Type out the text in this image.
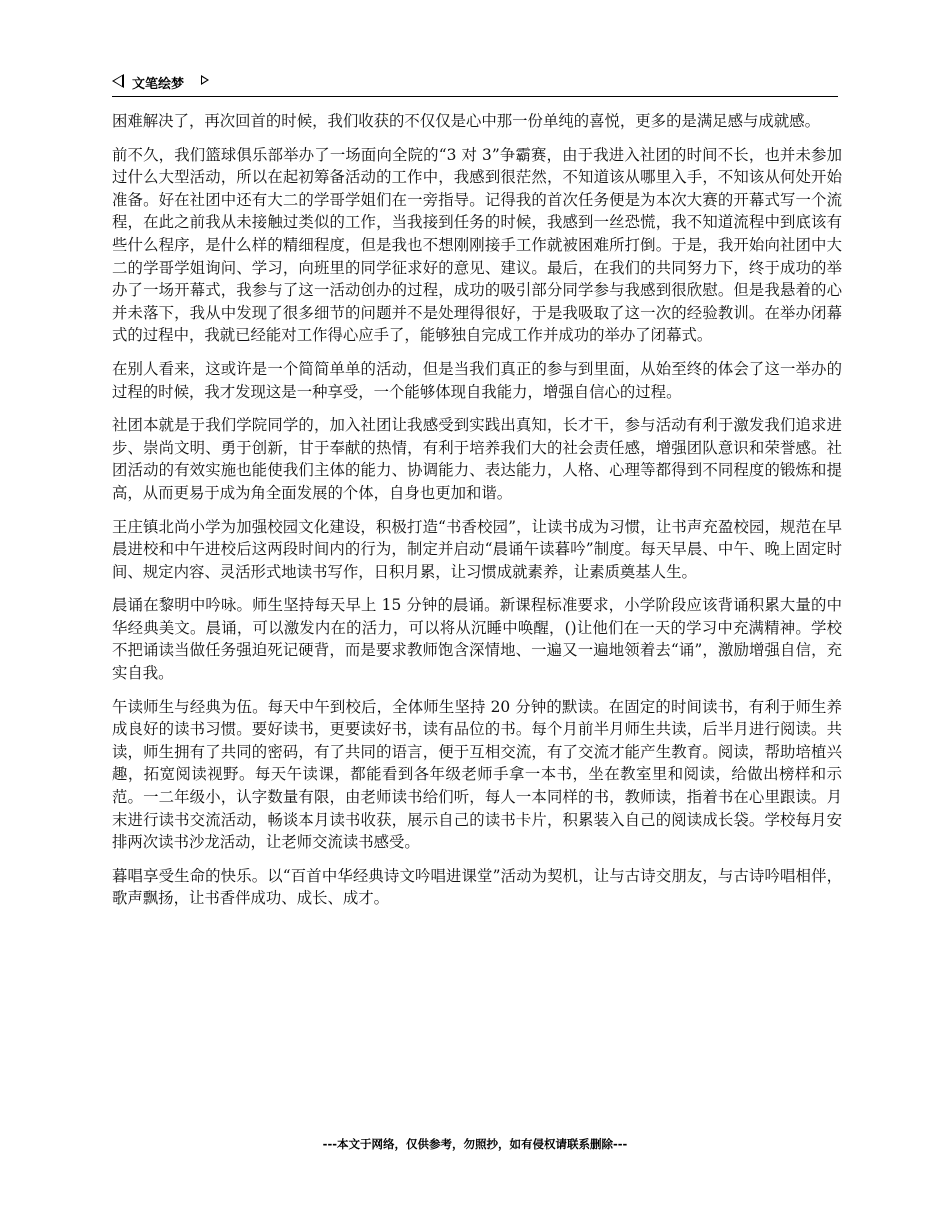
文笔绘梦

困难解决了，再次回首的时候，我们收获的不仅仅是心中那一份单纯的喜悦，更多的是满足感与成就感。

前不久，我们篮球俱乐部举办了一场面向全院的“3 对 3”争霸赛，由于我进入社团的时间不长，也并未参加过什么大型活动，所以在起初筹备活动的工作中，我感到很茫然，不知道该从哪里入手，不知该从何处开始准备。好在社团中还有大二的学哥学姐们在一旁指导。记得我的首次任务便是为本次大赛的开幕式写一个流程，在此之前我从未接触过类似的工作，当我接到任务的时候，我感到一丝恐慌，我不知道流程中到底该有些什么程序，是什么样的精细程度，但是我也不想刚刚接手工作就被困难所打倒。于是，我开始向社团中大二的学哥学姐询问、学习，向班里的同学征求好的意见、建议。最后，在我们的共同努力下，终于成功的举办了一场开幕式，我参与了这一活动创办的过程，成功的吸引部分同学参与我感到很欣慰。但是我悬着的心并未落下，我从中发现了很多细节的问题并不是处理得很好，于是我吸取了这一次的经验教训。在举办闭幕式的过程中，我就已经能对工作得心应手了，能够独自完成工作并成功的举办了闭幕式。

在别人看来，这或许是一个简简单单的活动，但是当我们真正的参与到里面，从始至终的体会了这一举办的过程的时候，我才发现这是一种享受，一个能够体现自我能力，增强自信心的过程。

社团本就是于我们学院同学的，加入社团让我感受到实践出真知，长才干，参与活动有利于激发我们追求进步、崇尚文明、勇于创新，甘于奉献的热情，有利于培养我们大的社会责任感，增强团队意识和荣誉感。社团活动的有效实施也能使我们主体的能力、协调能力、表达能力，人格、心理等都得到不同程度的锻炼和提高，从而更易于成为角全面发展的个体，自身也更加和谐。

王庄镇北尚小学为加强校园文化建设，积极打造“书香校园”，让读书成为习惯，让书声充盈校园，规范在早晨进校和中午进校后这两段时间内的行为，制定并启动“晨诵午读暮吟”制度。每天早晨、中午、晚上固定时间、规定内容、灵活形式地读书写作，日积月累，让习惯成就素养，让素质奠基人生。

晨诵在黎明中吟咏。师生坚持每天早上 15 分钟的晨诵。新课程标准要求，小学阶段应该背诵积累大量的中华经典美文。晨诵，可以激发内在的活力，可以将从沉睡中唤醒，()让他们在一天的学习中充满精神。学校不把诵读当做任务强迫死记硬背，而是要求教师饱含深情地、一遍又一遍地领着去“诵”，激励增强自信，充实自我。

午读师生与经典为伍。每天中午到校后，全体师生坚持 20 分钟的默读。在固定的时间读书，有利于师生养成良好的读书习惯。要好读书，更要读好书，读有品位的书。每个月前半月师生共读，后半月进行阅读。共读，师生拥有了共同的密码，有了共同的语言，便于互相交流，有了交流才能产生教育。阅读，帮助培植兴趣，拓宽阅读视野。每天午读课，都能看到各年级老师手拿一本书，坐在教室里和阅读，给做出榜样和示范。一二年级小，认字数量有限，由老师读书给们听，每人一本同样的书，教师读，指着书在心里跟读。月末进行读书交流活动，畅谈本月读书收获，展示自己的读书卡片，积累装入自己的阅读成长袋。学校每月安排两次读书沙龙活动，让老师交流读书感受。

暮唱享受生命的快乐。以“百首中华经典诗文吟唱进课堂”活动为契机，让与古诗交朋友，与古诗吟唱相伴，歌声飘扬，让书香伴成功、成长、成才。

---本文于网络，仅供参考，勿照抄，如有侵权请联系删除---
